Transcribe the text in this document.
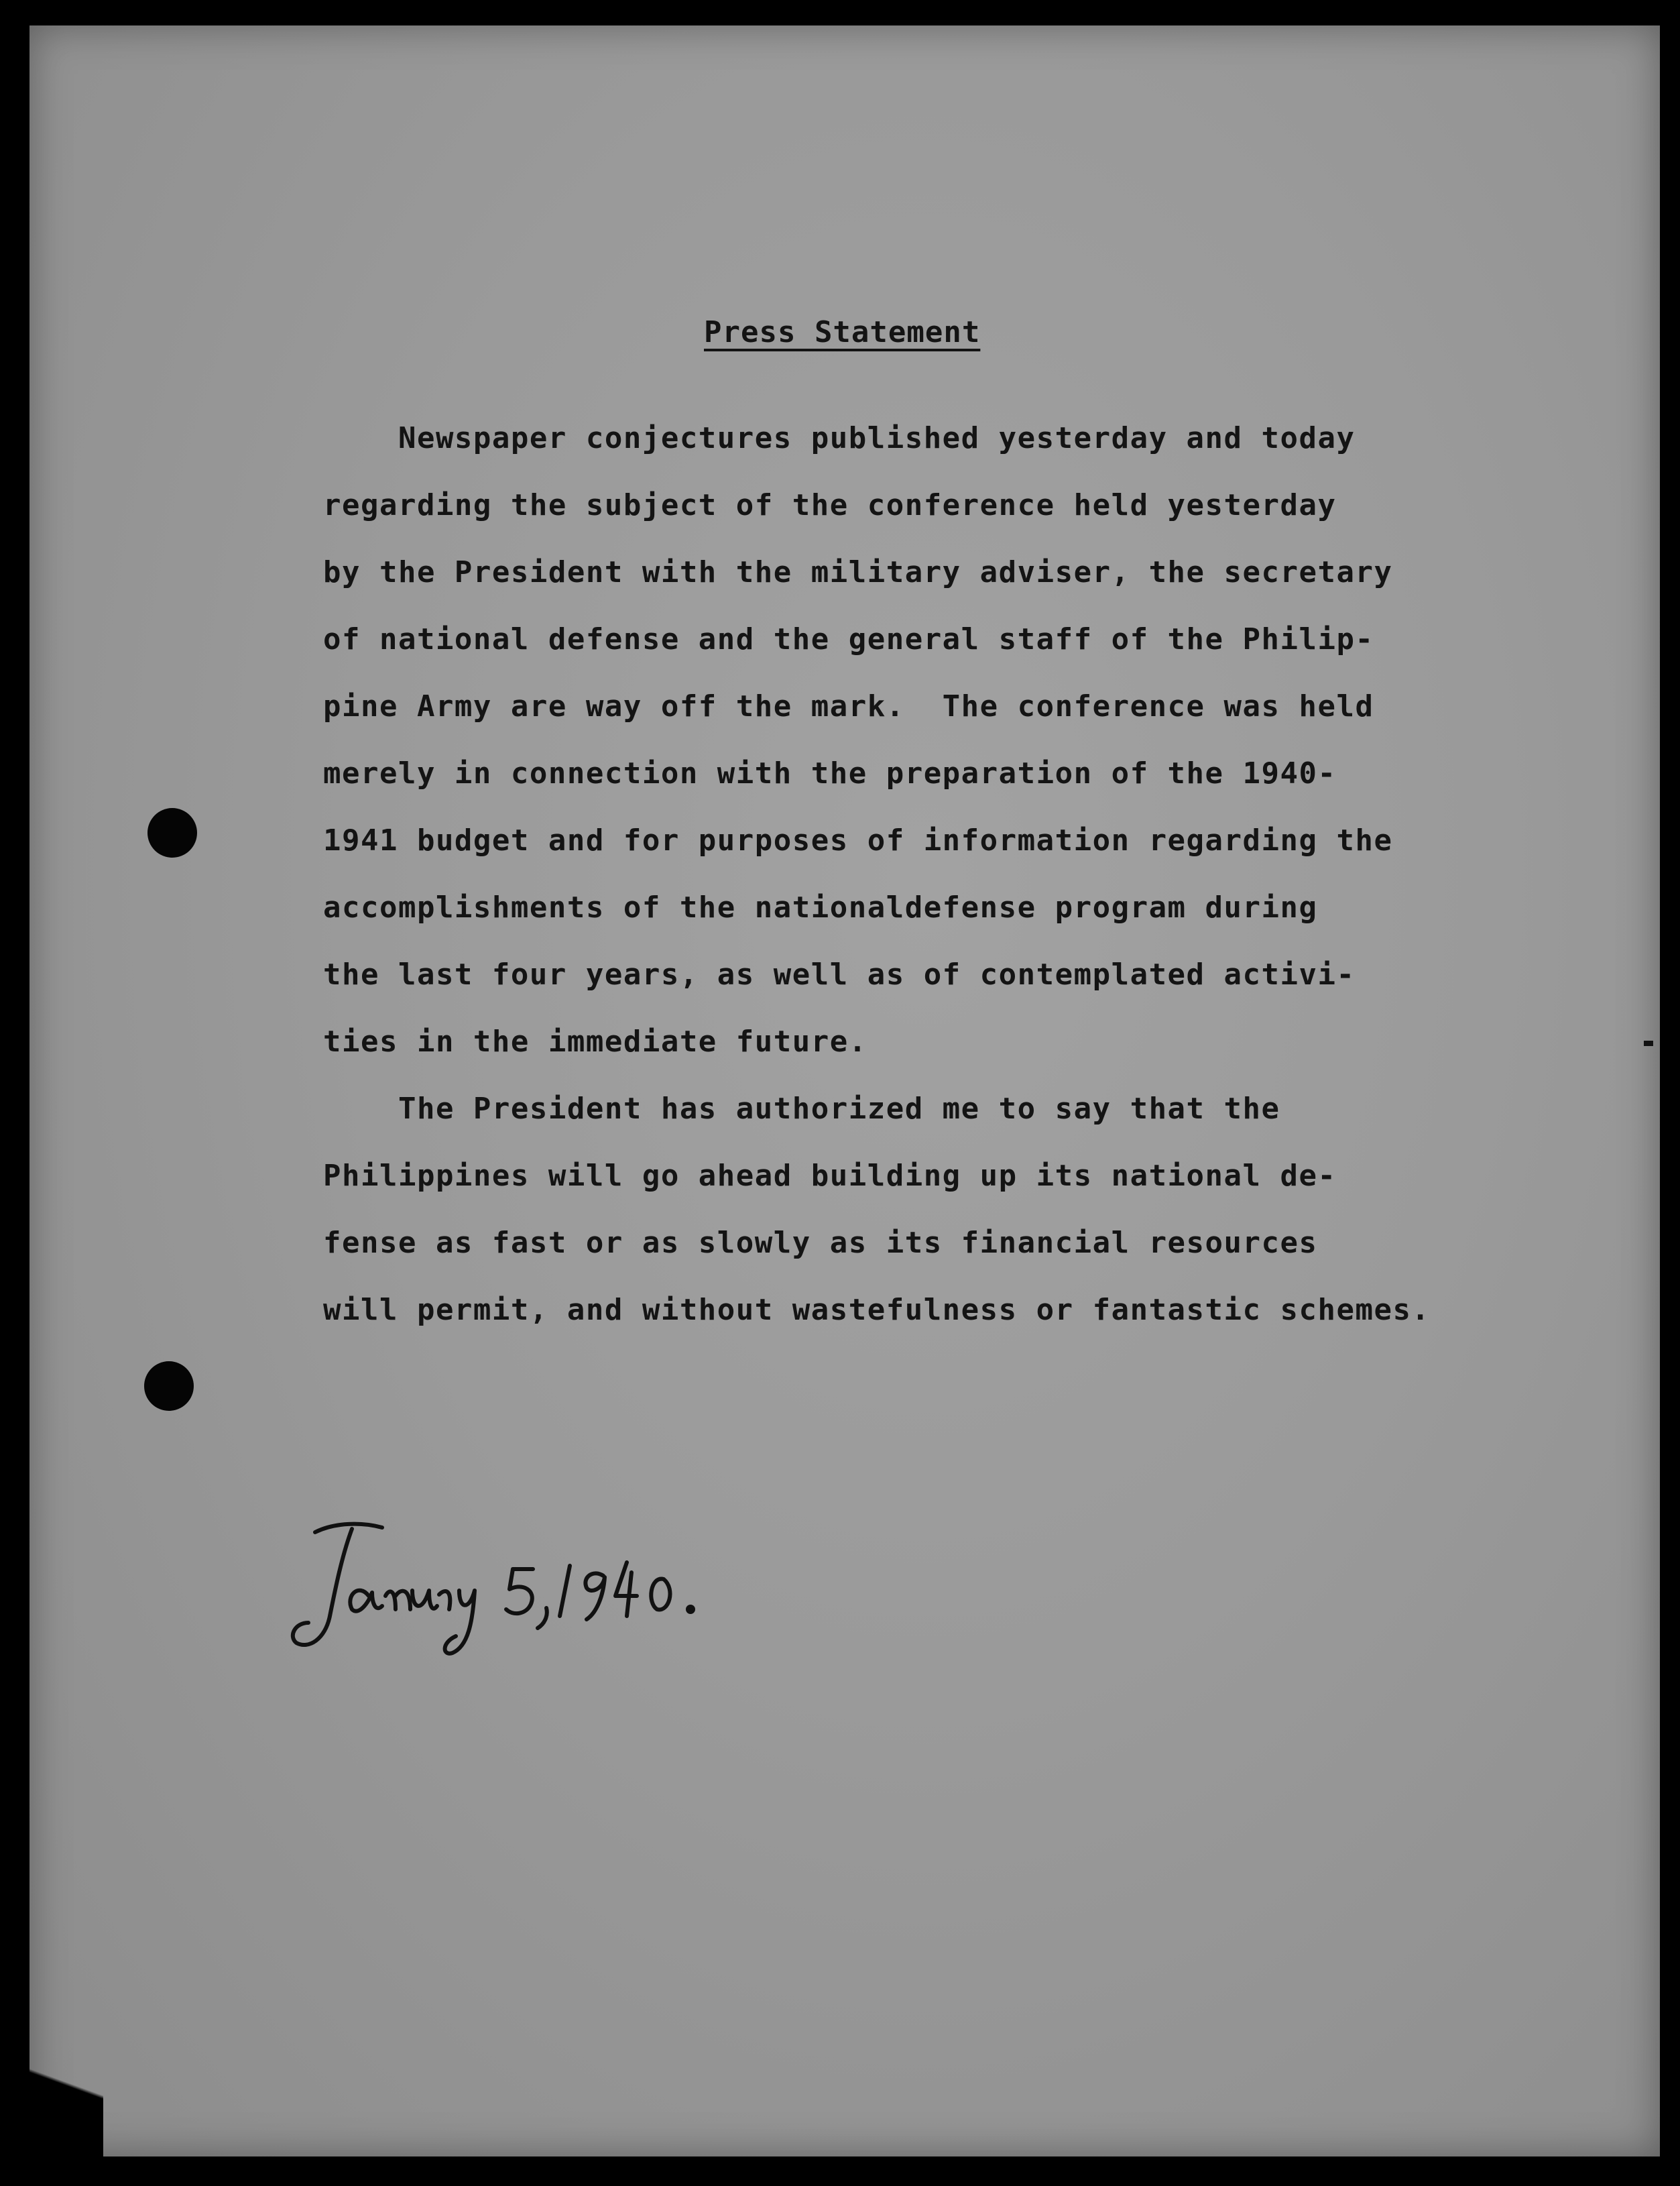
Press Statement
Newspaper conjectures published yesterday and today
regarding the subject of the conference held yesterday
by the President with the military adviser, the secretary
of national defense and the general staff of the Philip-
pine Army are way off the mark.  The conference was held
merely in connection with the preparation of the 1940-
1941 budget and for purposes of information regarding the
accomplishments of the nationaldefense program during
the last four years, as well as of contemplated activi-
ties in the immediate future.
The President has authorized me to say that the
Philippines will go ahead building up its national de-
fense as fast or as slowly as its financial resources
will permit, and without wastefulness or fantastic schemes.
